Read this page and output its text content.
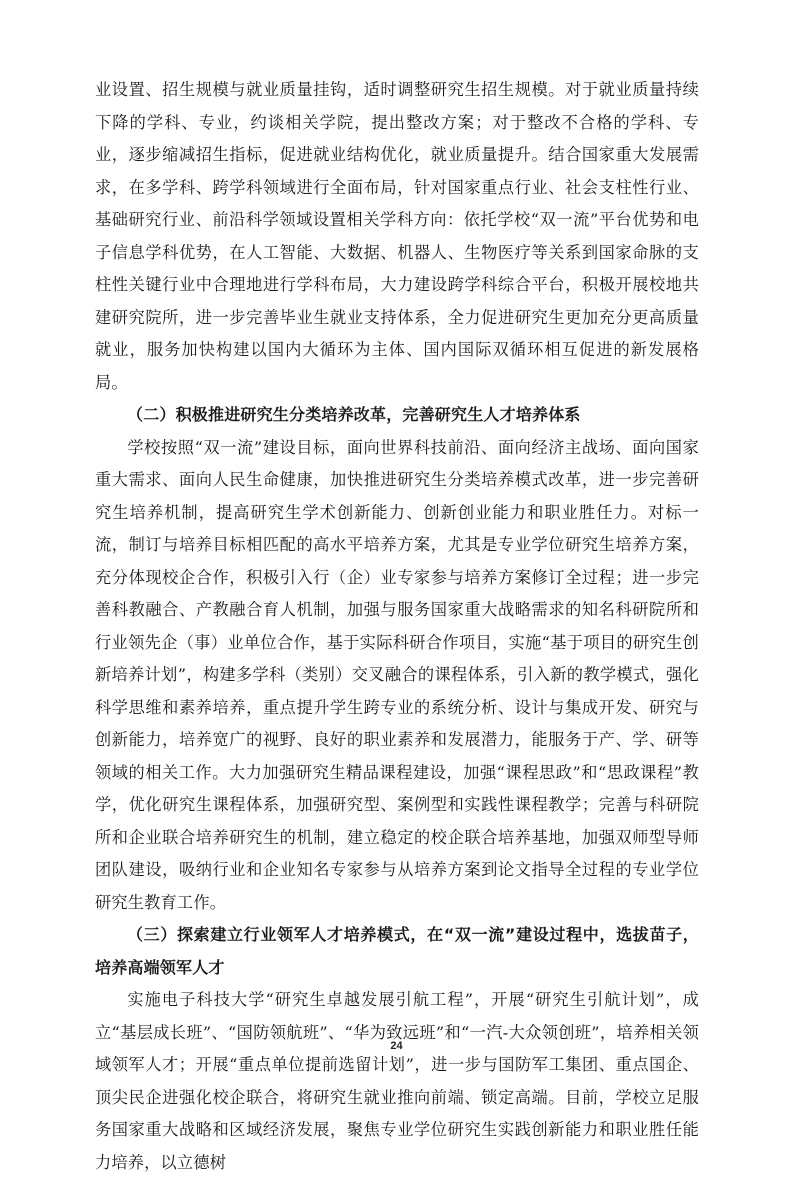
业设置、招生规模与就业质量挂钩，适时调整研究生招生规模。对于就业质量持续下降的学科、专业，约谈相关学院，提出整改方案；对于整改不合格的学科、专业，逐步缩减招生指标，促进就业结构优化，就业质量提升。结合国家重大发展需求，在多学科、跨学科领域进行全面布局，针对国家重点行业、社会支柱性行业、基础研究行业、前沿科学领域设置相关学科方向：依托学校“双一流”平台优势和电子信息学科优势，在人工智能、大数据、机器人、生物医疗等关系到国家命脉的支柱性关键行业中合理地进行学科布局，大力建设跨学科综合平台，积极开展校地共建研究院所，进一步完善毕业生就业支持体系，全力促进研究生更加充分更高质量就业，服务加快构建以国内大循环为主体、国内国际双循环相互促进的新发展格局。

（二）积极推进研究生分类培养改革，完善研究生人才培养体系

学校按照“双一流”建设目标，面向世界科技前沿、面向经济主战场、面向国家重大需求、面向人民生命健康，加快推进研究生分类培养模式改革，进一步完善研究生培养机制，提高研究生学术创新能力、创新创业能力和职业胜任力。对标一流，制订与培养目标相匹配的高水平培养方案，尤其是专业学位研究生培养方案，充分体现校企合作，积极引入行（企）业专家参与培养方案修订全过程；进一步完善科教融合、产教融合育人机制，加强与服务国家重大战略需求的知名科研院所和行业领先企（事）业单位合作，基于实际科研合作项目，实施“基于项目的研究生创新培养计划”，构建多学科（类别）交叉融合的课程体系，引入新的教学模式，强化科学思维和素养培养，重点提升学生跨专业的系统分析、设计与集成开发、研究与创新能力，培养宽广的视野、良好的职业素养和发展潜力，能服务于产、学、研等领域的相关工作。大力加强研究生精品课程建设，加强“课程思政”和“思政课程”教学，优化研究生课程体系，加强研究型、案例型和实践性课程教学；完善与科研院所和企业联合培养研究生的机制，建立稳定的校企联合培养基地，加强双师型导师团队建设，吸纳行业和企业知名专家参与从培养方案到论文指导全过程的专业学位研究生教育工作。

（三）探索建立行业领军人才培养模式，在“双一流”建设过程中，选拔苗子，培养高端领军人才

实施电子科技大学“研究生卓越发展引航工程”，开展“研究生引航计划”，成立“基层成长班”、“国防领航班”、“华为致远班”和“一汽-大众领创班”，培养相关领域领军人才；开展“重点单位提前选留计划”，进一步与国防军工集团、重点国企、顶尖民企进强化校企联合，将研究生就业推向前端、锁定高端。目前，学校立足服务国家重大战略和区域经济发展，聚焦专业学位研究生实践创新能力和职业胜任能力培养，以立德树

24
